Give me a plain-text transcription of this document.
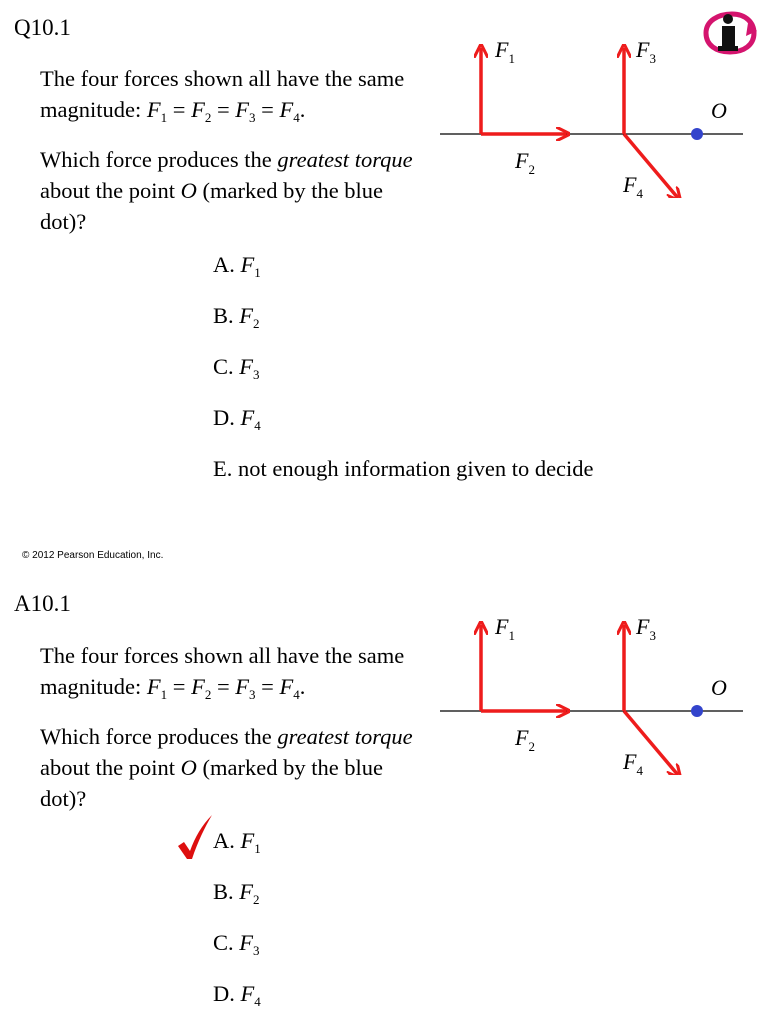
Q10.1

The four forces shown all have the same magnitude: $F_1 = F_2 = F_3 = F_4$.

Which force produces the greatest torque about the point O (marked by the blue dot)?

$F_1$
$F_2$
$F_3$
$F_4$
O
A. $F_1$
B. $F_2$
C. $F_3$
D. $F_4$
E. not enough information given to decide
© 2012 Pearson Education, Inc.
A10.1

The four forces shown all have the same magnitude: $F_1 = F_2 = F_3 = F_4$.

Which force produces the greatest torque about the point O (marked by the blue dot)?

$F_1$
$F_2$
$F_3$
$F_4$
O
A. $F_1$
B. $F_2$
C. $F_3$
D. $F_4$
